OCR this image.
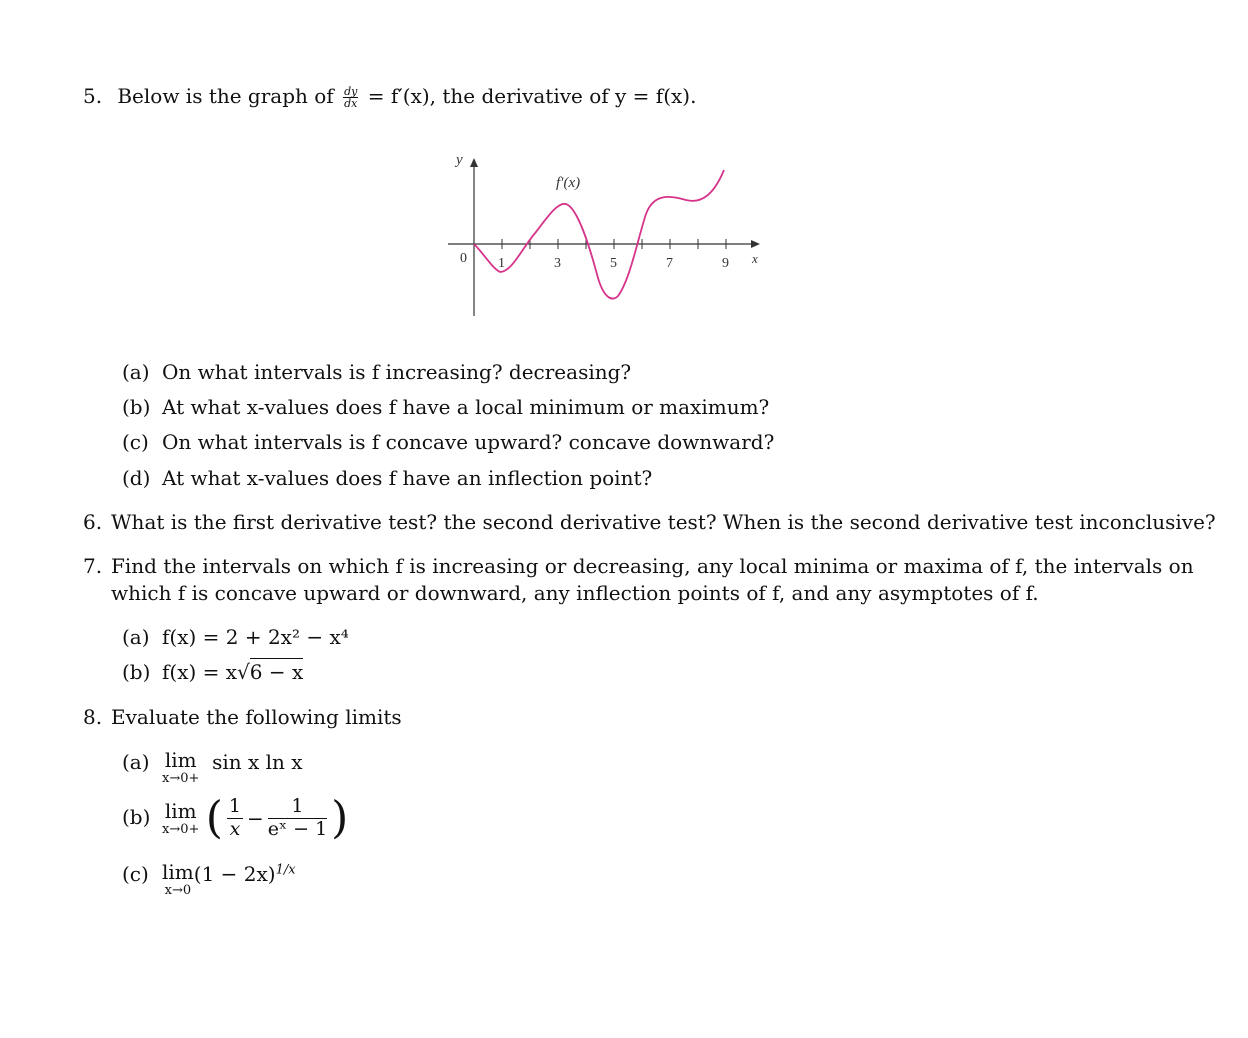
5. Below is the graph of $\frac{dy}{dx} = f'(x)$, the derivative of y = f(x).
y
x
f′(x)
0 1	3	5	7	9
(a) On what intervals is f increasing? decreasing?
(b) At what x-values does f have a local minimum or maximum?
(c) On what intervals is f concave upward? concave downward?
(d) At what x-values does f have an inflection point?
6. What is the first derivative test? the second derivative test? When is the second derivative test inconclusive?
7. Find the intervals on which f is increasing or decreasing, any local minima or maxima of f, the intervals on
which f is concave upward or downward, any inflection points of f, and any asymptotes of f.
(a) f(x) = 2 + 2x² − x⁴
(b) f(x) = x√6 − x
8. Evaluate the following limits
(a) lim
x→0+
sin x ln x
(b) lim
x→0+ ( $\frac{1}{x} - \frac{1}{\text{eˣ − 1}}$ )
(c) lim
x→0
$(1 - 2x)^{1/x}$
